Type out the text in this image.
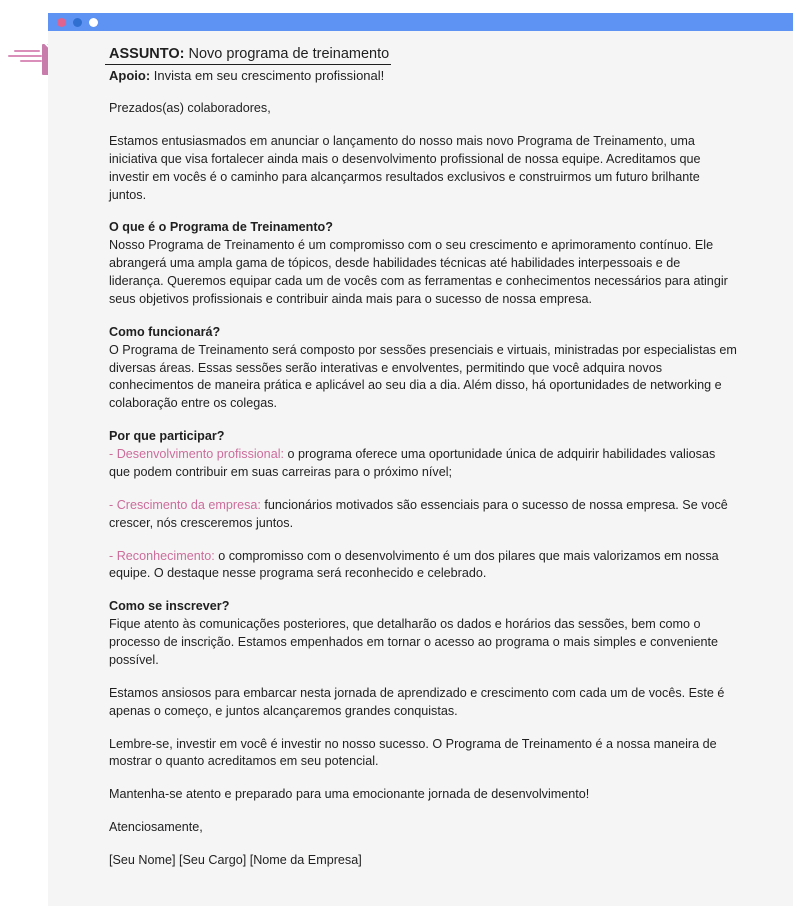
ASSUNTO: Novo programa de treinamento
Apoio: Invista em seu crescimento profissional!
Prezados(as) colaboradores,
Estamos entusiasmados em anunciar o lançamento do nosso mais novo Programa de Treinamento, uma iniciativa que visa fortalecer ainda mais o desenvolvimento profissional de nossa equipe. Acreditamos que investir em vocês é o caminho para alcançarmos resultados exclusivos e construirmos um futuro brilhante juntos.
O que é o Programa de Treinamento?
Nosso Programa de Treinamento é um compromisso com o seu crescimento e aprimoramento contínuo. Ele abrangerá uma ampla gama de tópicos, desde habilidades técnicas até habilidades interpessoais e de liderança. Queremos equipar cada um de vocês com as ferramentas e conhecimentos necessários para atingir seus objetivos profissionais e contribuir ainda mais para o sucesso de nossa empresa.
Como funcionará?
O Programa de Treinamento será composto por sessões presenciais e virtuais, ministradas por especialistas em diversas áreas. Essas sessões serão interativas e envolventes, permitindo que você adquira novos conhecimentos de maneira prática e aplicável ao seu dia a dia. Além disso, há oportunidades de networking e colaboração entre os colegas.
Por que participar?
- Desenvolvimento profissional: o programa oferece uma oportunidade única de adquirir habilidades valiosas que podem contribuir em suas carreiras para o próximo nível;
- Crescimento da empresa: funcionários motivados são essenciais para o sucesso de nossa empresa. Se você crescer, nós cresceremos juntos.
- Reconhecimento: o compromisso com o desenvolvimento é um dos pilares que mais valorizamos em nossa equipe. O destaque nesse programa será reconhecido e celebrado.
Como se inscrever?
Fique atento às comunicações posteriores, que detalharão os dados e horários das sessões, bem como o processo de inscrição. Estamos empenhados em tornar o acesso ao programa o mais simples e conveniente possível.
Estamos ansiosos para embarcar nesta jornada de aprendizado e crescimento com cada um de vocês. Este é apenas o começo, e juntos alcançaremos grandes conquistas.
Lembre-se, investir em você é investir no nosso sucesso. O Programa de Treinamento é a nossa maneira de mostrar o quanto acreditamos em seu potencial.
Mantenha-se atento e preparado para uma emocionante jornada de desenvolvimento!
Atenciosamente,
[Seu Nome] [Seu Cargo] [Nome da Empresa]
